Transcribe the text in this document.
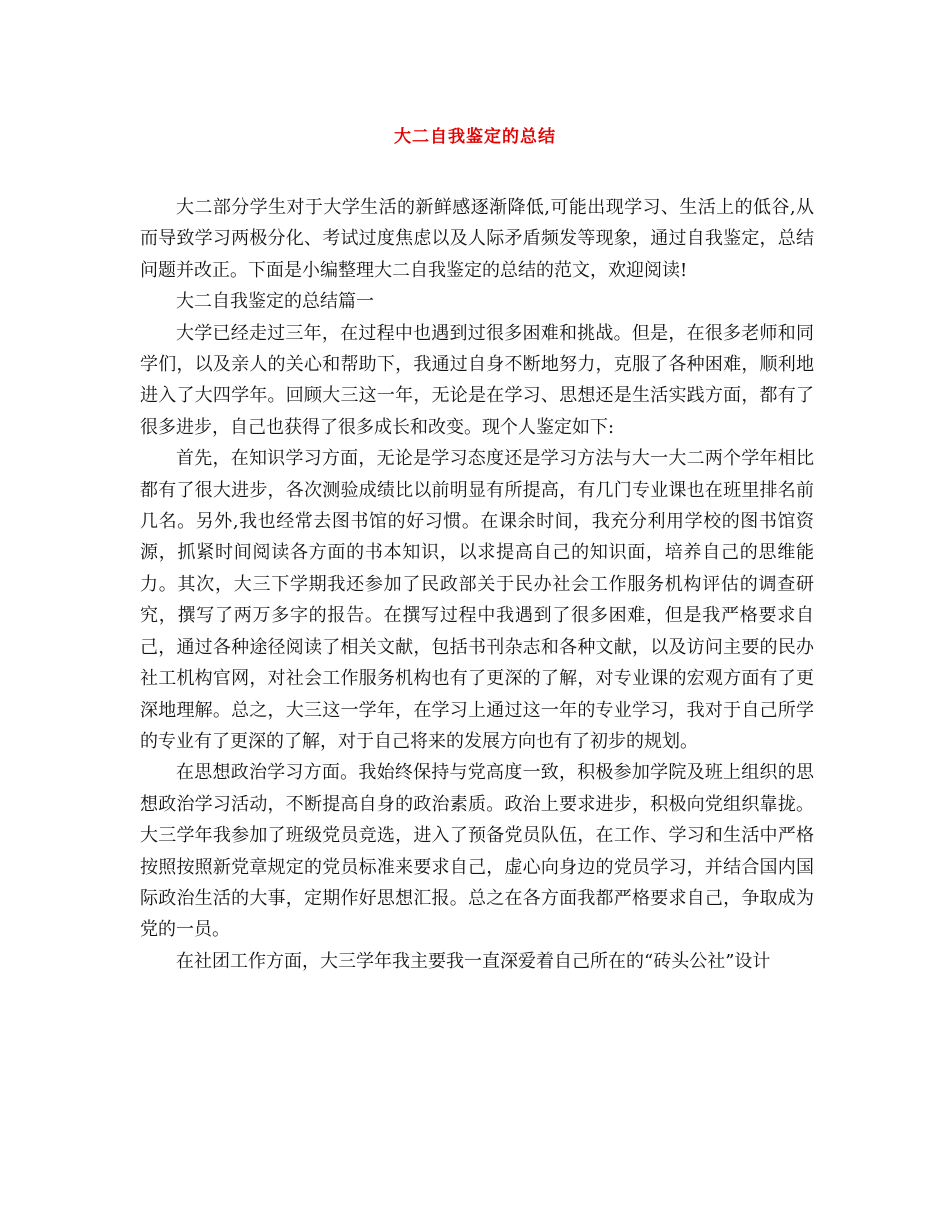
大二自我鉴定的总结

大二部分学生对于大学生活的新鲜感逐渐降低,可能出现学习、生活上的低谷,从而导致学习两极分化、考试过度焦虑以及人际矛盾频发等现象，通过自我鉴定，总结问题并改正。下面是小编整理大二自我鉴定的总结的范文，欢迎阅读!

大二自我鉴定的总结篇一

大学已经走过三年，在过程中也遇到过很多困难和挑战。但是，在很多老师和同学们，以及亲人的关心和帮助下，我通过自身不断地努力，克服了各种困难，顺利地进入了大四学年。回顾大三这一年，无论是在学习、思想还是生活实践方面，都有了很多进步，自己也获得了很多成长和改变。现个人鉴定如下:

首先，在知识学习方面，无论是学习态度还是学习方法与大一大二两个学年相比都有了很大进步，各次测验成绩比以前明显有所提高，有几门专业课也在班里排名前几名。另外,我也经常去图书馆的好习惯。在课余时间，我充分利用学校的图书馆资源，抓紧时间阅读各方面的书本知识，以求提高自己的知识面，培养自己的思维能力。其次，大三下学期我还参加了民政部关于民办社会工作服务机构评估的调查研究，撰写了两万多字的报告。在撰写过程中我遇到了很多困难，但是我严格要求自己，通过各种途径阅读了相关文献，包括书刊杂志和各种文献，以及访问主要的民办社工机构官网，对社会工作服务机构也有了更深的了解，对专业课的宏观方面有了更深地理解。总之，大三这一学年，在学习上通过这一年的专业学习，我对于自己所学的专业有了更深的了解，对于自己将来的发展方向也有了初步的规划。

在思想政治学习方面。我始终保持与党高度一致，积极参加学院及班上组织的思想政治学习活动，不断提高自身的政治素质。政治上要求进步，积极向党组织靠拢。大三学年我参加了班级党员竞选，进入了预备党员队伍，在工作、学习和生活中严格按照按照新党章规定的党员标准来要求自己，虚心向身边的党员学习，并结合国内国际政治生活的大事，定期作好思想汇报。总之在各方面我都严格要求自己，争取成为党的一员。

在社团工作方面，大三学年我主要我一直深爱着自己所在的“砖头公社”设计
